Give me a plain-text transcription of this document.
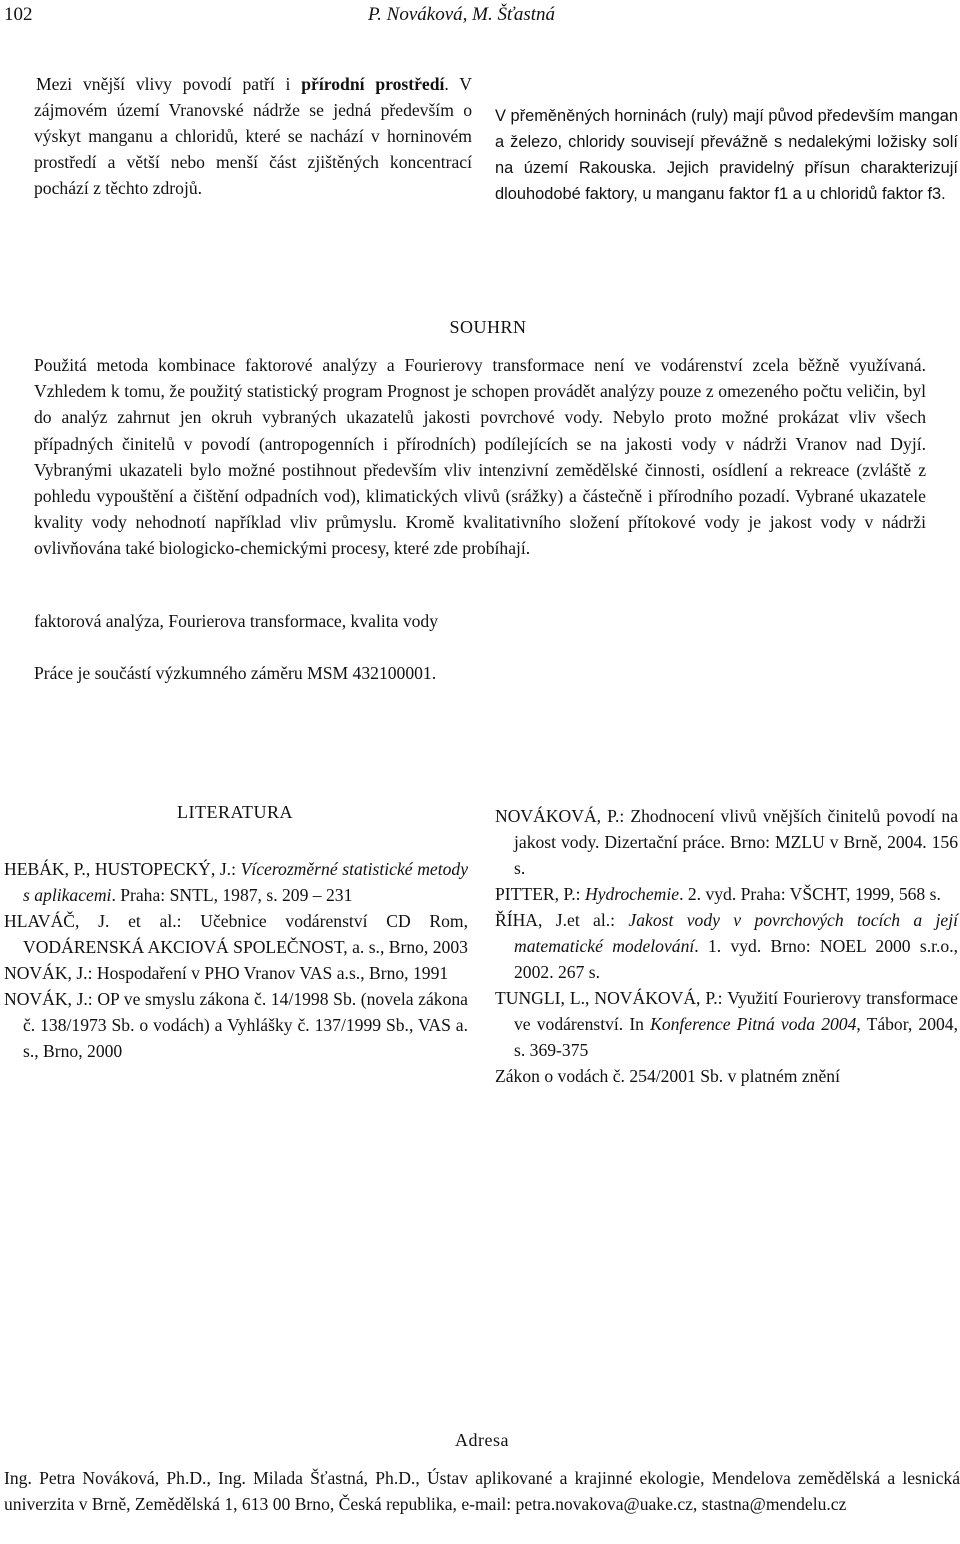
102	P. Nováková, M. Šťastná
Mezi vnější vlivy povodí patří i přírodní prostředí. V zájmovém území Vranovské nádrže se jedná především o výskyt manganu a chloridů, které se nachází v horninovém prostředí a větší nebo menší část zjištěných koncentrací pochází z těchto zdrojů.
V přeměněných horninách (ruly) mají původ především mangan a železo, chloridy souvisejí převážně s nedalekými ložisky solí na území Rakouska. Jejich pravidelný přísun charakterizují dlouhodobé faktory, u manganu faktor f1 a u chloridů faktor f3.
SOUHRN
Použitá metoda kombinace faktorové analýzy a Fourierovy transformace není ve vodárenství zcela běžně využívaná. Vzhledem k tomu, že použitý statistický program Prognost je schopen provádět analýzy pouze z omezeného počtu veličin, byl do analýz zahrnut jen okruh vybraných ukazatelů jakosti povrchové vody. Nebylo proto možné prokázat vliv všech případných činitelů v povodí (antropogenních i přírodních) podílejících se na jakosti vody v nádrži Vranov nad Dyjí. Vybranými ukazateli bylo možné postihnout především vliv intenzivní zemědělské činnosti, osídlení a rekreace (zvláště z pohledu vypouštění a čištění odpadních vod), klimatických vlivů (srážky) a částečně i přírodního pozadí. Vybrané ukazatele kvality vody nehodnotí například vliv průmyslu. Kromě kvalitativního složení přítokové vody je jakost vody v nádrži ovlivňována také biologicko-chemickými procesy, které zde probíhají.
faktorová analýza, Fourierova transformace, kvalita vody
Práce je součástí výzkumného záměru MSM 432100001.
LITERATURA
HEBÁK, P., HUSTOPECKÝ, J.: Vícerozměrné statistické metody s aplikacemi. Praha: SNTL, 1987, s. 209 – 231
HLAVÁČ, J. et al.: Učebnice vodárenství CD Rom, VODÁRENSKÁ AKCIOVÁ SPOLEČNOST, a. s., Brno, 2003
NOVÁK, J.: Hospodaření v PHO Vranov VAS a.s., Brno, 1991
NOVÁK, J.: OP ve smyslu zákona č. 14/1998 Sb. (novela zákona č. 138/1973 Sb. o vodách) a Vyhlášky č. 137/1999 Sb., VAS a. s., Brno, 2000
NOVÁKOVÁ, P.: Zhodnocení vlivů vnějších činitelů povodí na jakost vody. Dizertační práce. Brno: MZLU v Brně, 2004. 156 s.
PITTER, P.: Hydrochemie. 2. vyd. Praha: VŠCHT, 1999, 568 s.
ŘÍHA, J.et al.: Jakost vody v povrchových tocích a její matematické modelování. 1. vyd. Brno: NOEL 2000 s.r.o., 2002. 267 s.
TUNGLI, L., NOVÁKOVÁ, P.: Využití Fourierovy transformace ve vodárenství. In Konference Pitná voda 2004, Tábor, 2004, s. 369-375
Zákon o vodách č. 254/2001 Sb. v platném znění
Adresa
Ing. Petra Nováková, Ph.D., Ing. Milada Šťastná, Ph.D., Ústav aplikované a krajinné ekologie, Mendelova zemědělská a lesnická univerzita v Brně, Zemědělská 1, 613 00 Brno, Česká republika, e-mail: petra.novakova@uake.cz, stastna@mendelu.cz
